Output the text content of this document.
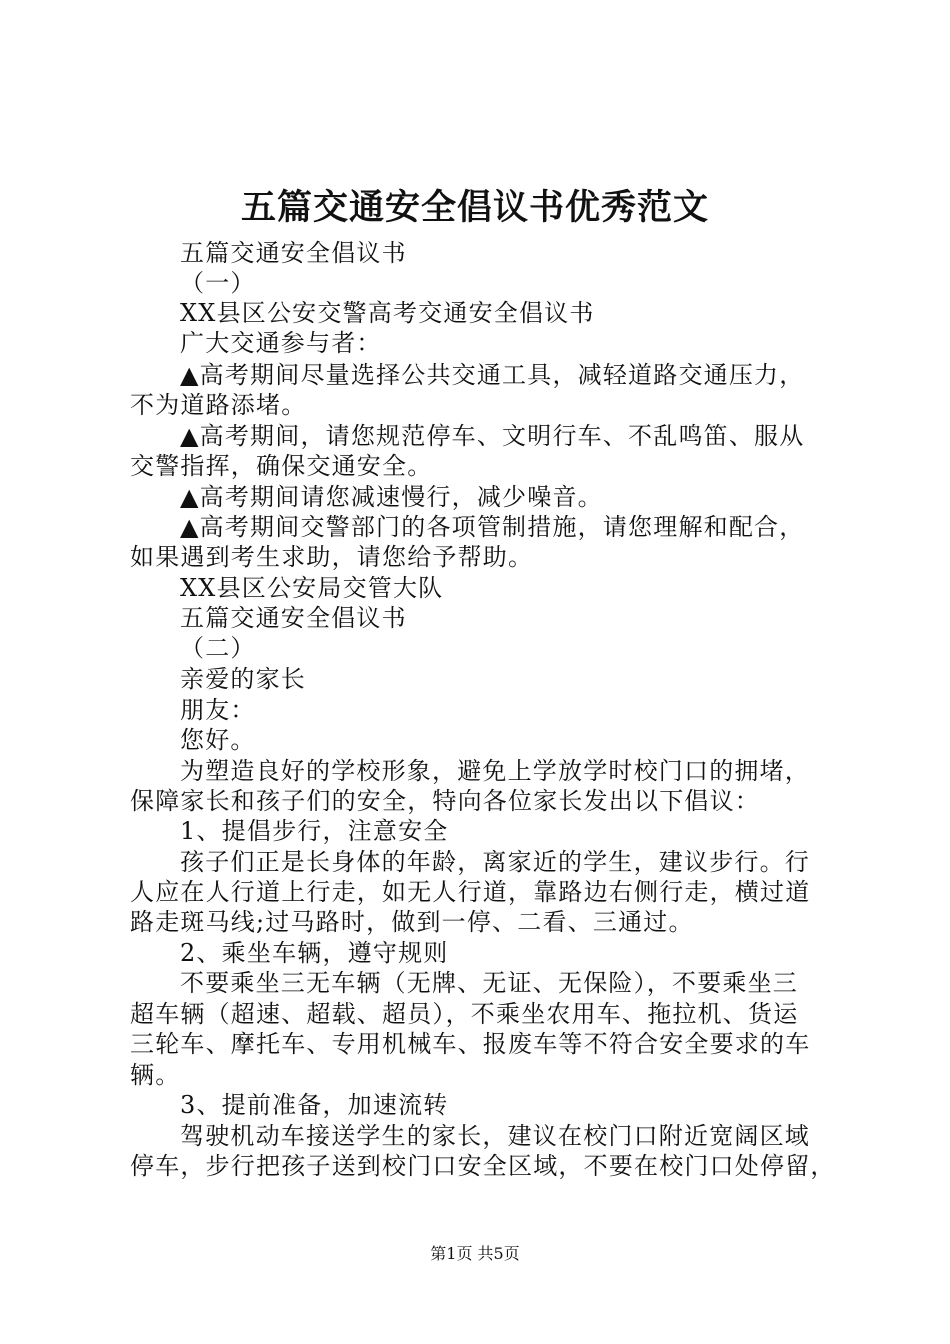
五篇交通安全倡议书优秀范文
五篇交通安全倡议书
（一）
XX县区公安交警高考交通安全倡议书
广大交通参与者：
▲高考期间尽量选择公共交通工具，减轻道路交通压力，
不为道路添堵。
▲高考期间，请您规范停车、文明行车、不乱鸣笛、服从
交警指挥，确保交通安全。
▲高考期间请您减速慢行，减少噪音。
▲高考期间交警部门的各项管制措施，请您理解和配合，
如果遇到考生求助，请您给予帮助。
XX县区公安局交管大队
五篇交通安全倡议书
（二）
亲爱的家长
朋友：
您好。
为塑造良好的学校形象，避免上学放学时校门口的拥堵，
保障家长和孩子们的安全，特向各位家长发出以下倡议：
1、提倡步行，注意安全
孩子们正是长身体的年龄，离家近的学生，建议步行。行
人应在人行道上行走，如无人行道，靠路边右侧行走，横过道
路走斑马线;过马路时，做到一停、二看、三通过。
2、乘坐车辆，遵守规则
不要乘坐三无车辆（无牌、无证、无保险），不要乘坐三
超车辆（超速、超载、超员），不乘坐农用车、拖拉机、货运
三轮车、摩托车、专用机械车、报废车等不符合安全要求的车
辆。
3、提前准备，加速流转
驾驶机动车接送学生的家长，建议在校门口附近宽阔区域
停车，步行把孩子送到校门口安全区域，不要在校门口处停留，
第1页 共5页
